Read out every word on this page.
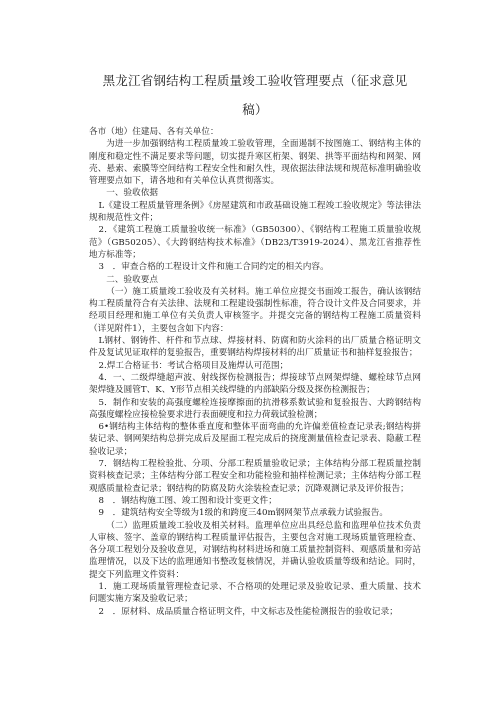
黑龙江省钢结构工程质量竣工验收管理要点（征求意见
稿）

各市（地）住建局、各有关单位：

为进一步加强钢结构工程质量竣工验收管理，全面遏制不按图施工、钢结构主体的刚度和稳定性不满足要求等问题，切实提升寒区桁架、钢架、拱等平面结构和网架、网壳、悬索、索膜等空间结构工程安全性和耐久性，现依据法律法规和规范标准明确验收管理要点如下，请各地和有关单位认真贯彻落实。

一、验收依据

L《建设工程质量管理条例》《房屋建筑和市政基础设施工程竣工验收规定》等法律法规和规范性文件；

2．《建筑工程施工质量验收统一标准》（GB50300）、《钢结构工程施工质量验收规范》（GB50205）、《大跨钢结构技术标准》（DB23/T3919-2024）、黑龙江省推荐性地方标准等；

3　．审查合格的工程设计文件和施工合同约定的相关内容。

二、验收要点

（一）施工质量竣工验收及有关材料。施工单位应提交书面竣工报告，确认该钢结构工程质量符合有关法律、法规和工程建设强制性标准，符合设计文件及合同要求，并经项目经理和施工单位有关负责人审核签字。并提交完备的钢结构工程施工质量资料（详见附件1），主要包含如下内容：

L钢材、钢铸件、杆件和节点球、焊接材料、防腐和防火涂料的出厂质量合格证明文件及复试见证取样的复验报告，重要钢结构焊接材料的出厂质量证书和抽样复验报告；

2.焊工合格证书：考试合格项目及施焊认可范围；

4．一、二级焊缝超声波、射线探伤检测报告；焊接球节点网架焊缝、螺栓球节点网架焊缝及圆管T、K、Y形节点相关线焊缝的内部缺陷分级及探伤检测报告；

5．制作和安装的高强度螺栓连接摩擦面的抗滑移系数试验和复验报告、大跨钢结构高强度螺栓应接检验要求进行表面硬度和拉力荷载试验检测；

6•钢结构主体结构的整体垂直度和整体平面弯曲的允许偏差值检查记录表;钢结构拼装记录、钢网架结构总拼完成后及屋面工程完成后的挠度测量值检查记录表、隐蔽工程验收记录；

7．钢结构工程检验批、分项、分部工程质量验收记录；主体结构分部工程质量控制资料核查记录；主体结构分部工程安全和功能检验和抽样检测记录；主体结构分部工程观感质量检查记录；钢结构的防腐及防火涂装检查记录；沉降观测记录及评价报告；

8　．钢结构施工图、竣工图和设计变更文件；

9　．建筑结构安全等级为1级的和跨度三40m钢网架节点承载力试验报告。

（二）监理质量竣工验收及相关材料。监理单位应出具经总监和监理单位技术负责人审核、签字、盖章的钢结构工程质量评估报告，主要包含对施工现场质量管理检查、各分项工程划分及验收意见，对钢结构材料进场和施工质量控制资料、观感质量和旁站监理情况，以及下达的监理通知书整改复核情况，并确认验收质量等级和结论。同时，提交下列监理文件资料：

1．施工现场质量管理检查记录、不合格项的处理记录及验收记录、重大质量、技术问题实施方案及验收记录；

2　．原材料、成品质量合格证明文件，中文标志及性能检测报告的验收记录；
